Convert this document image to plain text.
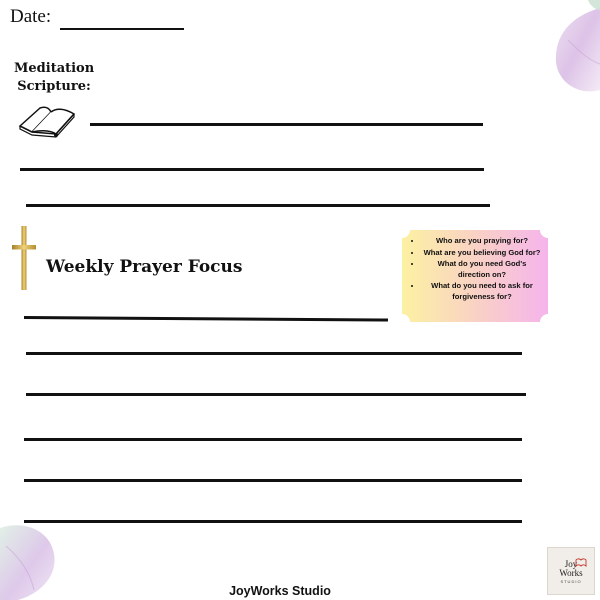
Date:
Meditation
Scripture:
Weekly Prayer Focus
• Who are you praying for?
• What are you believing God for?
• What do you need God's direction on?
• What do you need to ask for forgiveness for?
Joy
Works
STUDIO
JoyWorks Studio
